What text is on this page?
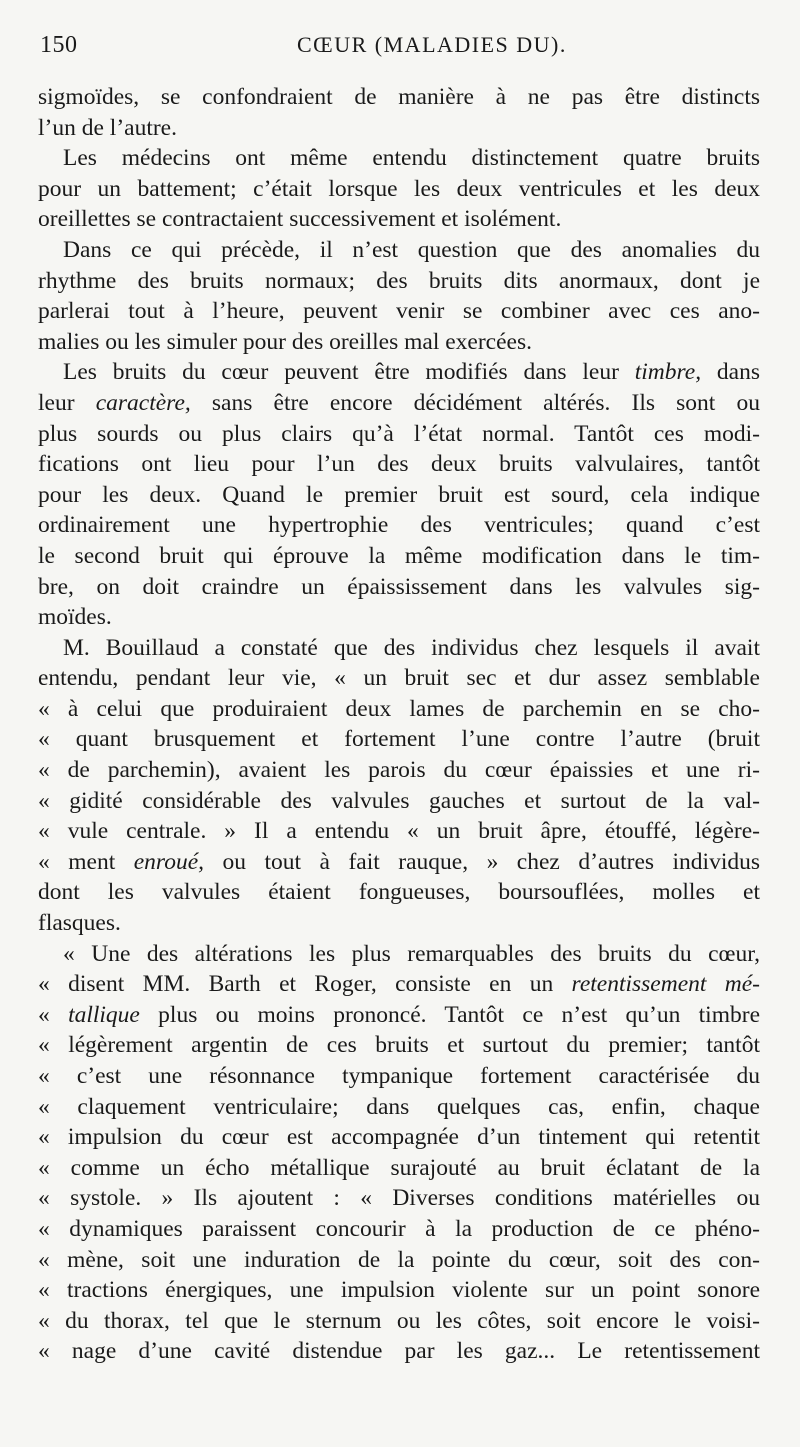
150	CŒUR (MALADIES DU).
sigmoïdes, se confondraient de manière à ne pas être distincts
l’un de l’autre.
Les médecins ont même entendu distinctement quatre bruits
pour un battement; c’était lorsque les deux ventricules et les deux
oreillettes se contractaient successivement et isolément.
Dans ce qui précède, il n’est question que des anomalies du
rhythme des bruits normaux; des bruits dits anormaux, dont je
parlerai tout à l’heure, peuvent venir se combiner avec ces ano-
malies ou les simuler pour des oreilles mal exercées.
Les bruits du cœur peuvent être modifiés dans leur timbre, dans
leur caractère, sans être encore décidément altérés. Ils sont ou
plus sourds ou plus clairs qu’à l’état normal. Tantôt ces modi-
fications ont lieu pour l’un des deux bruits valvulaires, tantôt
pour les deux. Quand le premier bruit est sourd, cela indique
ordinairement une hypertrophie des ventricules; quand c’est
le second bruit qui éprouve la même modification dans le tim-
bre, on doit craindre un épaississement dans les valvules sig-
moïdes.
M. Bouillaud a constaté que des individus chez lesquels il avait
entendu, pendant leur vie, « un bruit sec et dur assez semblable
« à celui que produiraient deux lames de parchemin en se cho-
« quant brusquement et fortement l’une contre l’autre (bruit
« de parchemin), avaient les parois du cœur épaissies et une ri-
« gidité considérable des valvules gauches et surtout de la val-
« vule centrale. » Il a entendu « un bruit âpre, étouffé, légère-
« ment enroué, ou tout à fait rauque, » chez d’autres individus
dont les valvules étaient fongueuses, boursouflées, molles et
flasques.
« Une des altérations les plus remarquables des bruits du cœur,
« disent MM. Barth et Roger, consiste en un retentissement mé-
« tallique plus ou moins prononcé. Tantôt ce n’est qu’un timbre
« légèrement argentin de ces bruits et surtout du premier; tantôt
« c’est une résonnance tympanique fortement caractérisée du
« claquement ventriculaire; dans quelques cas, enfin, chaque
« impulsion du cœur est accompagnée d’un tintement qui retentit
« comme un écho métallique surajouté au bruit éclatant de la
« systole. » Ils ajoutent : « Diverses conditions matérielles ou
« dynamiques paraissent concourir à la production de ce phéno-
« mène, soit une induration de la pointe du cœur, soit des con-
« tractions énergiques, une impulsion violente sur un point sonore
« du thorax, tel que le sternum ou les côtes, soit encore le voisi-
« nage d’une cavité distendue par les gaz... Le retentissement
